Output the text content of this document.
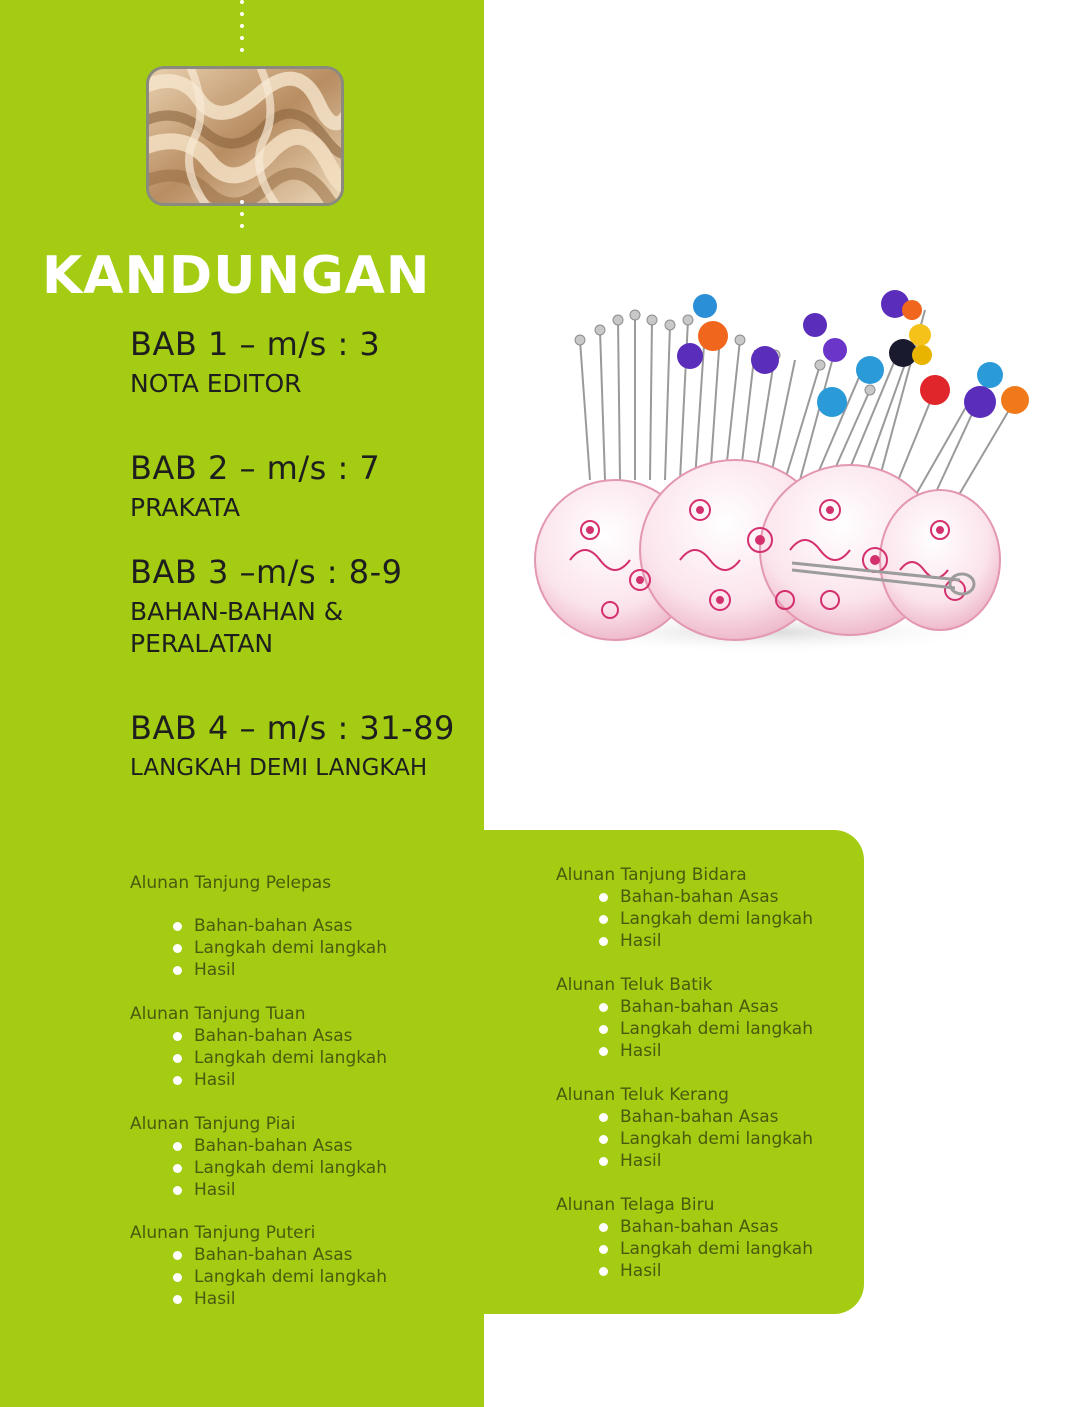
KANDUNGAN
BAB 1 – m/s : 3
NOTA EDITOR
BAB 2 – m/s : 7
PRAKATA
BAB 3 –m/s : 8-9
BAHAN-BAHAN & PERALATAN
BAB 4 – m/s : 31-89
LANGKAH DEMI LANGKAH
Alunan Tanjung Pelepas
Bahan-bahan Asas
Langkah demi langkah
Hasil
Alunan Tanjung Tuan
Bahan-bahan Asas
Langkah demi langkah
Hasil
Alunan Tanjung Piai
Bahan-bahan Asas
Langkah demi langkah
Hasil
Alunan Tanjung Puteri
Bahan-bahan Asas
Langkah demi langkah
Hasil
Alunan Tanjung Bidara
Bahan-bahan Asas
Langkah demi langkah
Hasil
Alunan Teluk Batik
Bahan-bahan Asas
Langkah demi langkah
Hasil
Alunan Teluk Kerang
Bahan-bahan Asas
Langkah demi langkah
Hasil
Alunan Telaga Biru
Bahan-bahan Asas
Langkah demi langkah
Hasil
